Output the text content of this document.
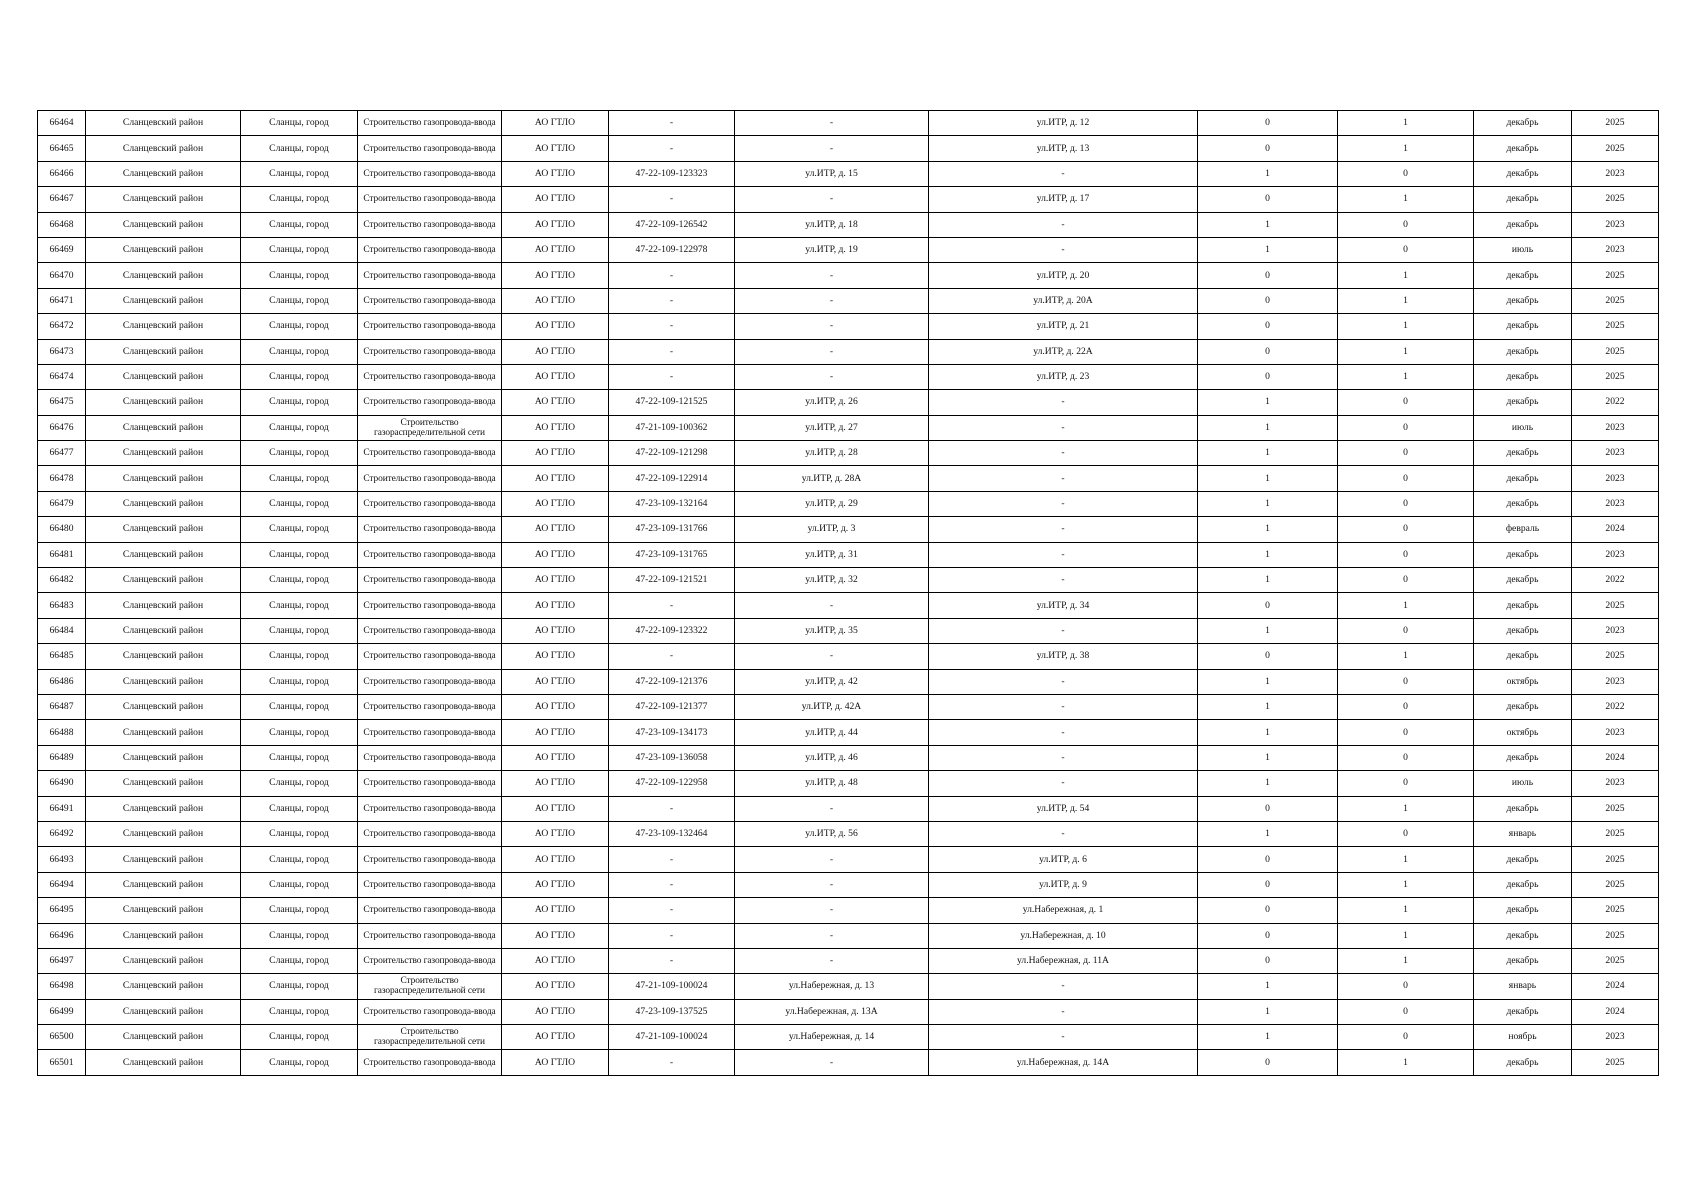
66464	Сланцевский район	Сланцы, город	Строительство газопровода-ввода	АО ГТЛО	-	-	ул.ИТР, д. 12	0	1	декабрь	2025
66465	Сланцевский район	Сланцы, город	Строительство газопровода-ввода	АО ГТЛО	-	-	ул.ИТР, д. 13	0	1	декабрь	2025
66466	Сланцевский район	Сланцы, город	Строительство газопровода-ввода	АО ГТЛО	47-22-109-123323	ул.ИТР, д. 15	-	1	0	декабрь	2023
66467	Сланцевский район	Сланцы, город	Строительство газопровода-ввода	АО ГТЛО	-	-	ул.ИТР, д. 17	0	1	декабрь	2025
66468	Сланцевский район	Сланцы, город	Строительство газопровода-ввода	АО ГТЛО	47-22-109-126542	ул.ИТР, д. 18	-	1	0	декабрь	2023
66469	Сланцевский район	Сланцы, город	Строительство газопровода-ввода	АО ГТЛО	47-22-109-122978	ул.ИТР, д. 19	-	1	0	июль	2023
66470	Сланцевский район	Сланцы, город	Строительство газопровода-ввода	АО ГТЛО	-	-	ул.ИТР, д. 20	0	1	декабрь	2025
66471	Сланцевский район	Сланцы, город	Строительство газопровода-ввода	АО ГТЛО	-	-	ул.ИТР, д. 20А	0	1	декабрь	2025
66472	Сланцевский район	Сланцы, город	Строительство газопровода-ввода	АО ГТЛО	-	-	ул.ИТР, д. 21	0	1	декабрь	2025
66473	Сланцевский район	Сланцы, город	Строительство газопровода-ввода	АО ГТЛО	-	-	ул.ИТР, д. 22А	0	1	декабрь	2025
66474	Сланцевский район	Сланцы, город	Строительство газопровода-ввода	АО ГТЛО	-	-	ул.ИТР, д. 23	0	1	декабрь	2025
66475	Сланцевский район	Сланцы, город	Строительство газопровода-ввода	АО ГТЛО	47-22-109-121525	ул.ИТР, д. 26	-	1	0	декабрь	2022
66476	Сланцевский район	Сланцы, город	Строительство газораспределительной сети	АО ГТЛО	47-21-109-100362	ул.ИТР, д. 27	-	1	0	июль	2023
66477	Сланцевский район	Сланцы, город	Строительство газопровода-ввода	АО ГТЛО	47-22-109-121298	ул.ИТР, д. 28	-	1	0	декабрь	2023
66478	Сланцевский район	Сланцы, город	Строительство газопровода-ввода	АО ГТЛО	47-22-109-122914	ул.ИТР, д. 28А	-	1	0	декабрь	2023
66479	Сланцевский район	Сланцы, город	Строительство газопровода-ввода	АО ГТЛО	47-23-109-132164	ул.ИТР, д. 29	-	1	0	декабрь	2023
66480	Сланцевский район	Сланцы, город	Строительство газопровода-ввода	АО ГТЛО	47-23-109-131766	ул.ИТР, д. 3	-	1	0	февраль	2024
66481	Сланцевский район	Сланцы, город	Строительство газопровода-ввода	АО ГТЛО	47-23-109-131765	ул.ИТР, д. 31	-	1	0	декабрь	2023
66482	Сланцевский район	Сланцы, город	Строительство газопровода-ввода	АО ГТЛО	47-22-109-121521	ул.ИТР, д. 32	-	1	0	декабрь	2022
66483	Сланцевский район	Сланцы, город	Строительство газопровода-ввода	АО ГТЛО	-	-	ул.ИТР, д. 34	0	1	декабрь	2025
66484	Сланцевский район	Сланцы, город	Строительство газопровода-ввода	АО ГТЛО	47-22-109-123322	ул.ИТР, д. 35	-	1	0	декабрь	2023
66485	Сланцевский район	Сланцы, город	Строительство газопровода-ввода	АО ГТЛО	-	-	ул.ИТР, д. 38	0	1	декабрь	2025
66486	Сланцевский район	Сланцы, город	Строительство газопровода-ввода	АО ГТЛО	47-22-109-121376	ул.ИТР, д. 42	-	1	0	октябрь	2023
66487	Сланцевский район	Сланцы, город	Строительство газопровода-ввода	АО ГТЛО	47-22-109-121377	ул.ИТР, д. 42А	-	1	0	декабрь	2022
66488	Сланцевский район	Сланцы, город	Строительство газопровода-ввода	АО ГТЛО	47-23-109-134173	ул.ИТР, д. 44	-	1	0	октябрь	2023
66489	Сланцевский район	Сланцы, город	Строительство газопровода-ввода	АО ГТЛО	47-23-109-136058	ул.ИТР, д. 46	-	1	0	декабрь	2024
66490	Сланцевский район	Сланцы, город	Строительство газопровода-ввода	АО ГТЛО	47-22-109-122958	ул.ИТР, д. 48	-	1	0	июль	2023
66491	Сланцевский район	Сланцы, город	Строительство газопровода-ввода	АО ГТЛО	-	-	ул.ИТР, д. 54	0	1	декабрь	2025
66492	Сланцевский район	Сланцы, город	Строительство газопровода-ввода	АО ГТЛО	47-23-109-132464	ул.ИТР, д. 56	-	1	0	январь	2025
66493	Сланцевский район	Сланцы, город	Строительство газопровода-ввода	АО ГТЛО	-	-	ул.ИТР, д. 6	0	1	декабрь	2025
66494	Сланцевский район	Сланцы, город	Строительство газопровода-ввода	АО ГТЛО	-	-	ул.ИТР, д. 9	0	1	декабрь	2025
66495	Сланцевский район	Сланцы, город	Строительство газопровода-ввода	АО ГТЛО	-	-	ул.Набережная, д. 1	0	1	декабрь	2025
66496	Сланцевский район	Сланцы, город	Строительство газопровода-ввода	АО ГТЛО	-	-	ул.Набережная, д. 10	0	1	декабрь	2025
66497	Сланцевский район	Сланцы, город	Строительство газопровода-ввода	АО ГТЛО	-	-	ул.Набережная, д. 11А	0	1	декабрь	2025
66498	Сланцевский район	Сланцы, город	Строительство газораспределительной сети	АО ГТЛО	47-21-109-100024	ул.Набережная, д. 13	-	1	0	январь	2024
66499	Сланцевский район	Сланцы, город	Строительство газопровода-ввода	АО ГТЛО	47-23-109-137525	ул.Набережная, д. 13А	-	1	0	декабрь	2024
66500	Сланцевский район	Сланцы, город	Строительство газораспределительной сети	АО ГТЛО	47-21-109-100024	ул.Набережная, д. 14	-	1	0	ноябрь	2023
66501	Сланцевский район	Сланцы, город	Строительство газопровода-ввода	АО ГТЛО	-	-	ул.Набережная, д. 14А	0	1	декабрь	2025
